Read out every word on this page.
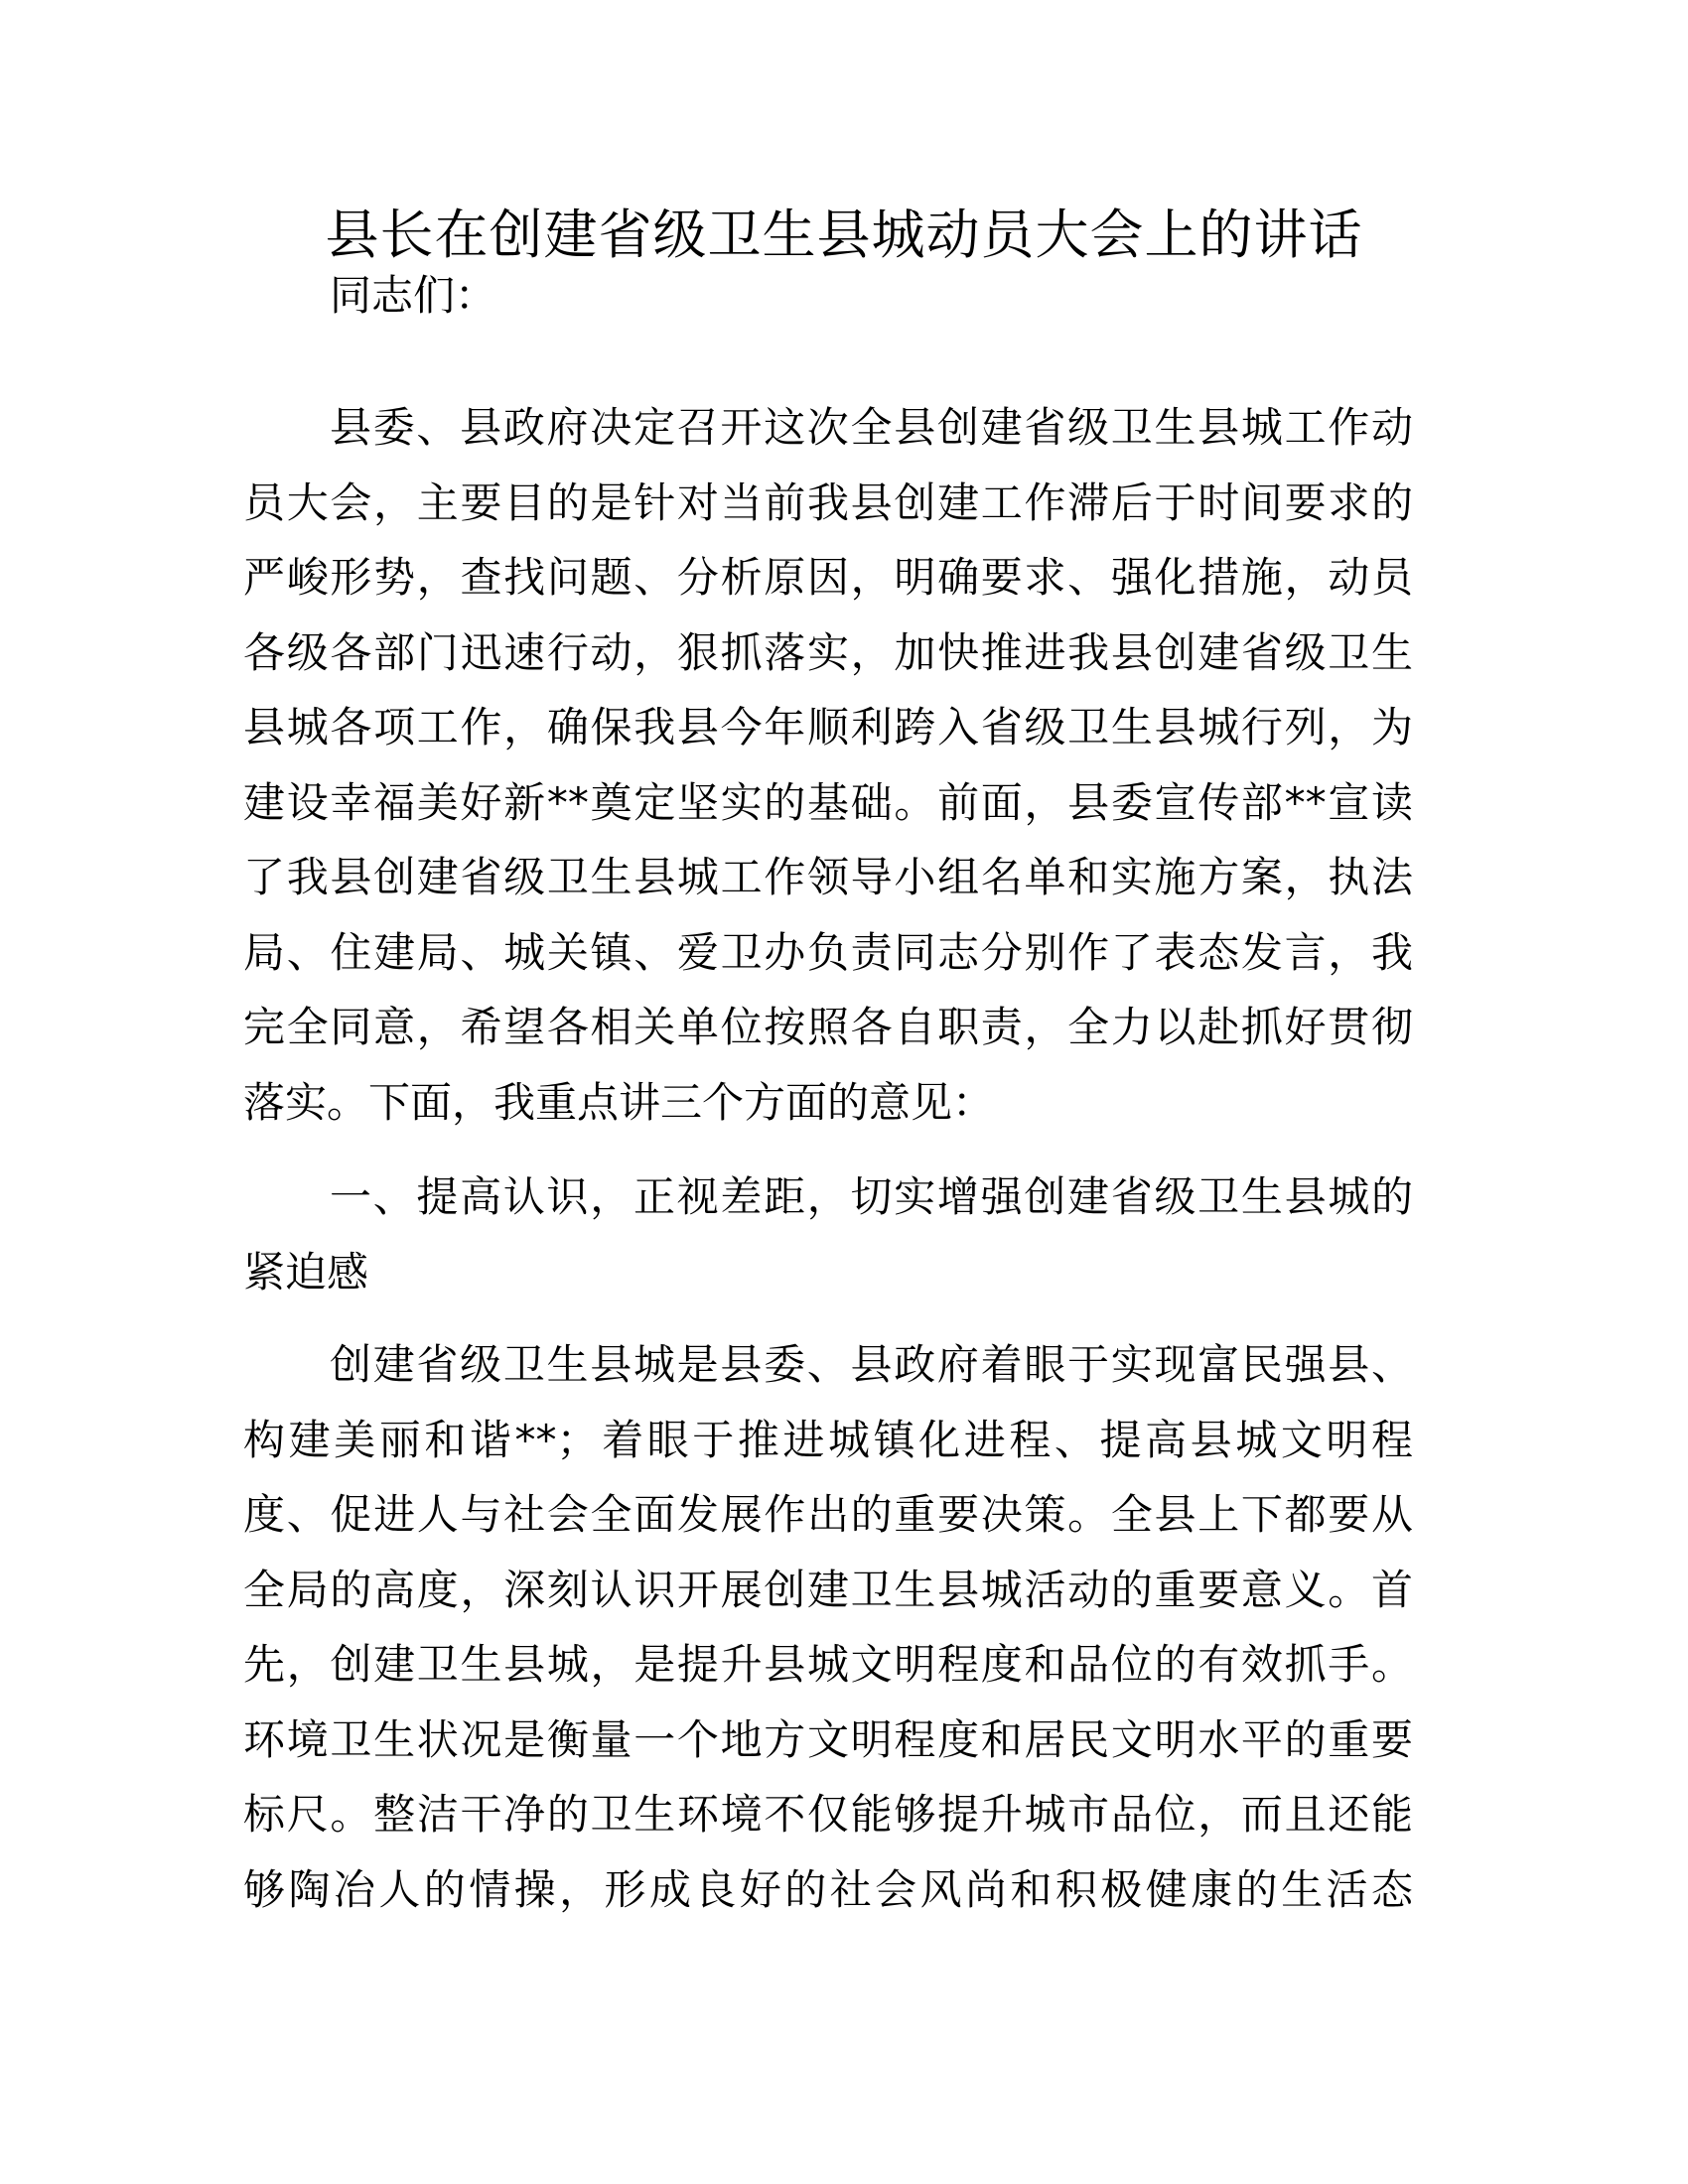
县长在创建省级卫生县城动员大会上的讲话
同志们：
县委、县政府决定召开这次全县创建省级卫生县城工作动
员大会，主要目的是针对当前我县创建工作滞后于时间要求的
严峻形势，查找问题、分析原因，明确要求、强化措施，动员
各级各部门迅速行动，狠抓落实，加快推进我县创建省级卫生
县城各项工作，确保我县今年顺利跨入省级卫生县城行列，为
建设幸福美好新**奠定坚实的基础。前面，县委宣传部**宣读
了我县创建省级卫生县城工作领导小组名单和实施方案，执法
局、住建局、城关镇、爱卫办负责同志分别作了表态发言，我
完全同意，希望各相关单位按照各自职责，全力以赴抓好贯彻
落实。下面，我重点讲三个方面的意见：
一、提高认识，正视差距，切实增强创建省级卫生县城的
紧迫感
创建省级卫生县城是县委、县政府着眼于实现富民强县、
构建美丽和谐**；着眼于推进城镇化进程、提高县城文明程
度、促进人与社会全面发展作出的重要决策。全县上下都要从
全局的高度，深刻认识开展创建卫生县城活动的重要意义。首
先，创建卫生县城，是提升县城文明程度和品位的有效抓手。
环境卫生状况是衡量一个地方文明程度和居民文明水平的重要
标尺。整洁干净的卫生环境不仅能够提升城市品位，而且还能
够陶冶人的情操，形成良好的社会风尚和积极健康的生活态
